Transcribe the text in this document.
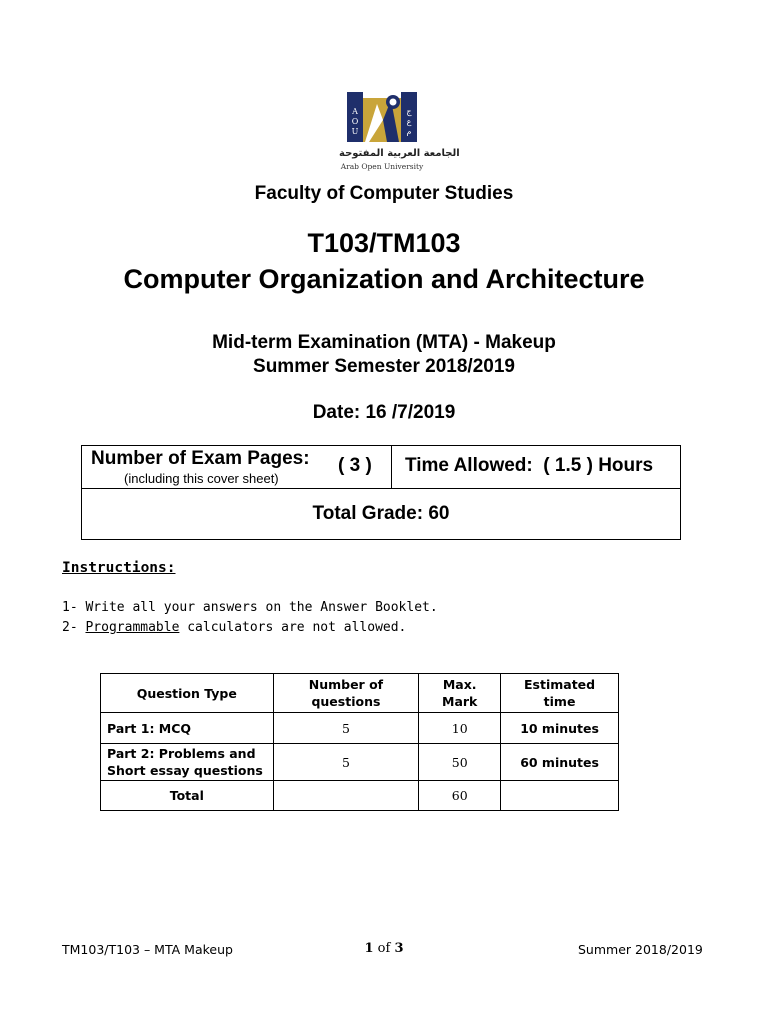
A
O
U
ج
ع
م
الجامعة العربية المفتوحة
Arab Open University
Faculty of Computer Studies
T103/TM103
Computer Organization and Architecture
Mid-term Examination (MTA) - Makeup
Summer Semester 2018/2019
Date: 16 /7/2019
Number of Exam Pages:
(including this cover sheet)
( 3 ) Time Allowed:  ( 1.5 ) Hours
Total Grade: 60
Instructions:
1- Write all your answers on the Answer Booklet.
2- Programmable calculators are not allowed.
Question Type	Number of questions	Max. Mark	Estimated time
Part 1: MCQ	5	10	10 minutes
Part 2: Problems and Short essay questions	5	50	60 minutes
Total		60	
TM103/T103 – MTA Makeup	1 of 3	Summer 2018/2019
